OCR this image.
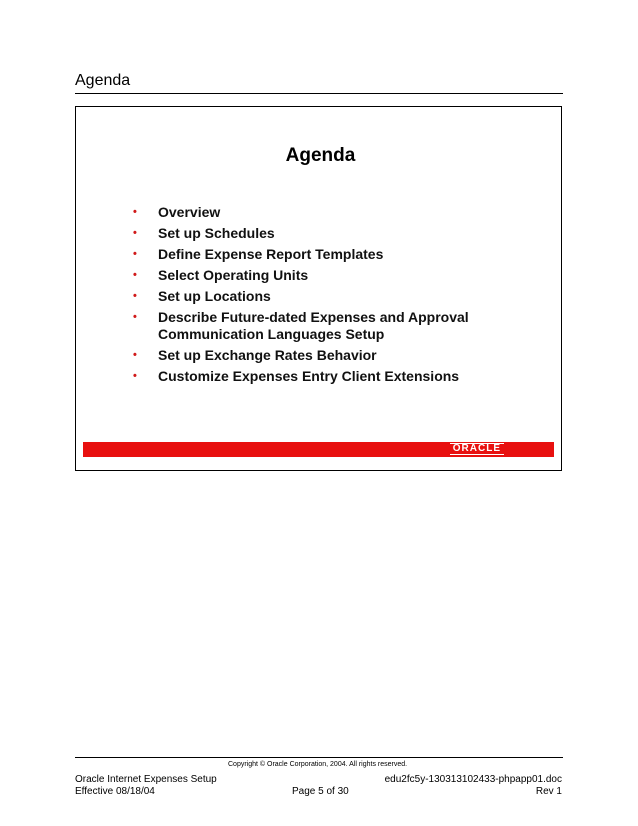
Agenda
Agenda
• Overview
• Set up Schedules
• Define Expense Report Templates
• Select Operating Units
• Set up Locations
• Describe Future-dated Expenses and Approval Communication Languages Setup
• Set up Exchange Rates Behavior
• Customize Expenses Entry Client Extensions
ORACLE
Copyright © Oracle Corporation, 2004. All rights reserved.
Oracle Internet Expenses Setup
Effective 08/18/04	Page 5 of 30
edu2fc5y-130313102433-phpapp01.doc
Rev 1
